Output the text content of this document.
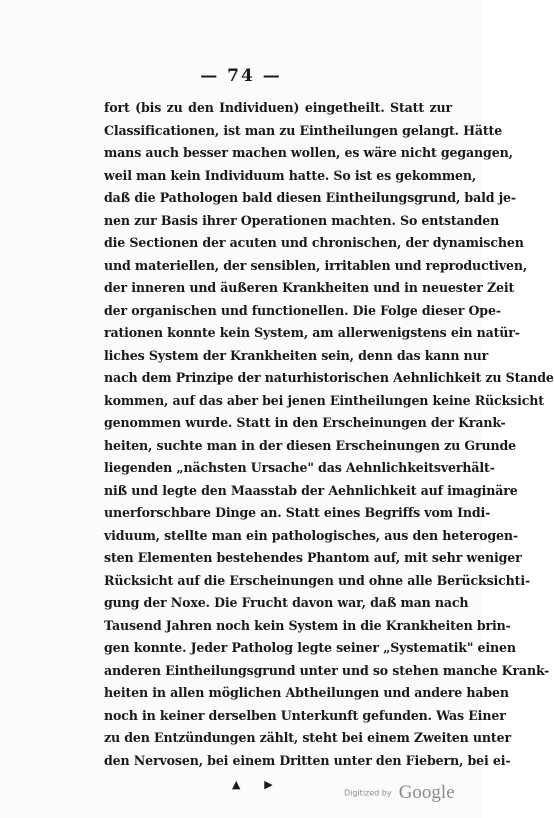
— 74 —
fort (bis zu den Individuen) eingetheilt. Statt zur
Classificationen, ist man zu Eintheilungen gelangt. Hätte
mans auch besser machen wollen, es wäre nicht gegangen,
weil man kein Individuum hatte. So ist es gekommen,
daß die Pathologen bald diesen Eintheilungsgrund, bald je-
nen zur Basis ihrer Operationen machten. So entstanden
die Sectionen der acuten und chronischen, der dynamischen
und materiellen, der sensiblen, irritablen und reproductiven,
der inneren und äußeren Krankheiten und in neuester Zeit
der organischen und functionellen. Die Folge dieser Ope-
rationen konnte kein System, am allerwenigstens ein natür-
liches System der Krankheiten sein, denn das kann nur
nach dem Prinzipe der naturhistorischen Aehnlichkeit zu Stande
kommen, auf das aber bei jenen Eintheilungen keine Rücksicht
genommen wurde. Statt in den Erscheinungen der Krank-
heiten, suchte man in der diesen Erscheinungen zu Grunde
liegenden „nächsten Ursache" das Aehnlichkeitsverhält-
niß und legte den Maasstab der Aehnlichkeit auf imaginäre
unerforschbare Dinge an. Statt eines Begriffs vom Indi-
viduum, stellte man ein pathologisches, aus den heterogen-
sten Elementen bestehendes Phantom auf, mit sehr weniger
Rücksicht auf die Erscheinungen und ohne alle Berücksichti-
gung der Noxe. Die Frucht davon war, daß man nach
Tausend Jahren noch kein System in die Krankheiten brin-
gen konnte. Jeder Patholog legte seiner „Systematik" einen
anderen Eintheilungsgrund unter und so stehen manche Krank-
heiten in allen möglichen Abtheilungen und andere haben
noch in keiner derselben Unterkunft gefunden. Was Einer
zu den Entzündungen zählt, steht bei einem Zweiten unter
den Nervosen, bei einem Dritten unter den Fiebern, bei ei-
▲ ▶
Digitized by Google
